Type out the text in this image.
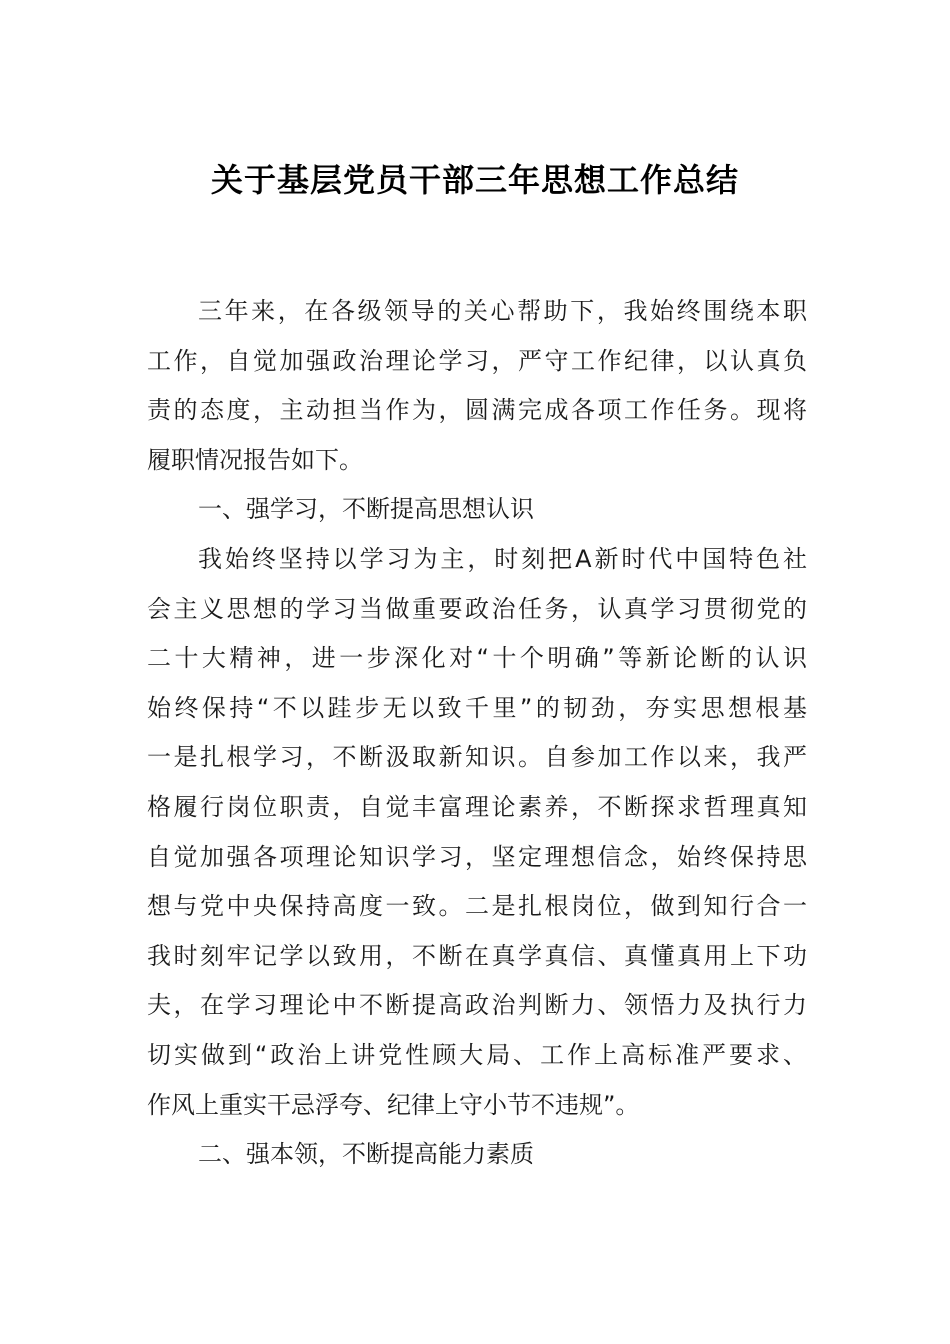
关于基层党员干部三年思想工作总结
三年来，在各级领导的关心帮助下，我始终围绕本职
工作，自觉加强政治理论学习，严守工作纪律，以认真负
责的态度，主动担当作为，圆满完成各项工作任务。现将
履职情况报告如下。
一、强学习，不断提高思想认识
我始终坚持以学习为主，时刻把A新时代中国特色社
会主义思想的学习当做重要政治任务，认真学习贯彻党的
二十大精神，进一步深化对“十个明确”等新论断的认识
始终保持“不以跬步无以致千里”的韧劲，夯实思想根基
一是扎根学习，不断汲取新知识。自参加工作以来，我严
格履行岗位职责，自觉丰富理论素养，不断探求哲理真知
自觉加强各项理论知识学习，坚定理想信念，始终保持思
想与党中央保持高度一致。二是扎根岗位，做到知行合一
我时刻牢记学以致用，不断在真学真信、真懂真用上下功
夫，在学习理论中不断提高政治判断力、领悟力及执行力
切实做到“政治上讲党性顾大局、工作上高标准严要求、
作风上重实干忌浮夸、纪律上守小节不违规”。
二、强本领，不断提高能力素质
